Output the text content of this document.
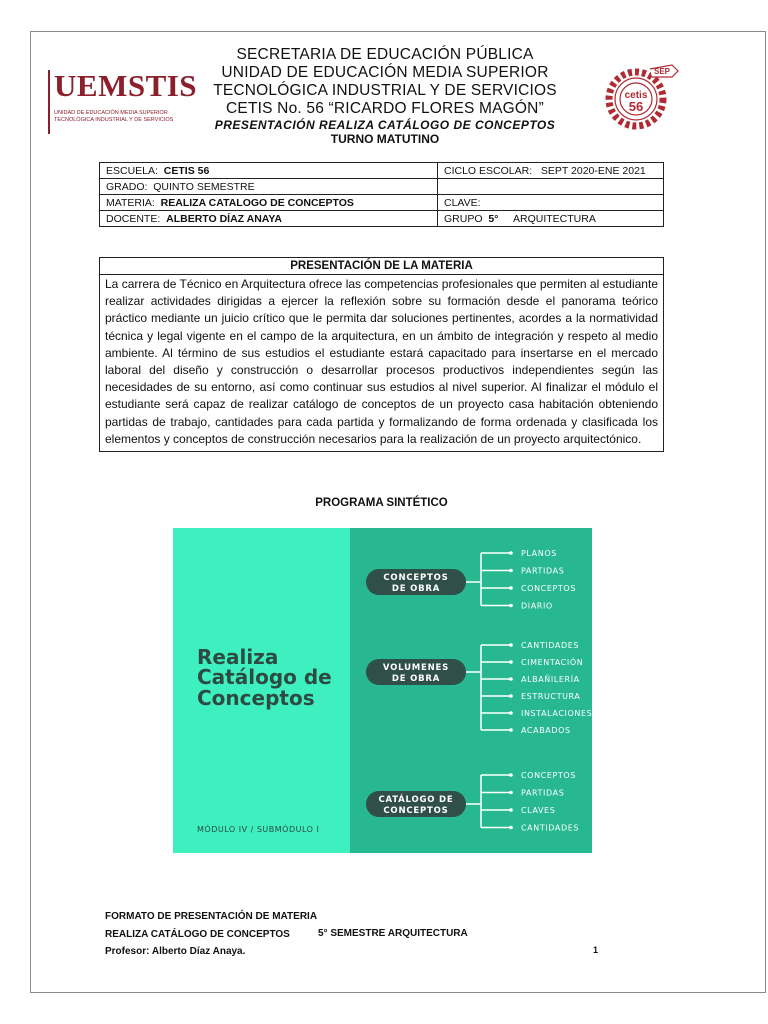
UEMSTIS
UNIDAD DE EDUCACIÓN MEDIA SUPERIOR TECNOLÓGICA INDUSTRIAL Y DE SERVICIOS
SEP
cetis
56
SECRETARIA DE EDUCACIÓN PÚBLICA
UNIDAD DE EDUCACIÓN MEDIA SUPERIOR
TECNOLÓGICA INDUSTRIAL Y DE SERVICIOS
CETIS No. 56 “RICARDO FLORES MAGÓN”
PRESENTACIÓN REALIZA CATÁLOGO DE CONCEPTOS
TURNO MATUTINO
ESCUELA: CETIS 56	CICLO ESCOLAR: SEPT 2020-ENE 2021
GRADO: QUINTO SEMESTRE	
MATERIA: REALIZA CATALOGO DE CONCEPTOS	CLAVE:
DOCENTE: ALBERTO DÍAZ ANAYA	GRUPO 5° ARQUITECTURA
PRESENTACIÓN DE LA MATERIA
La carrera de Técnico en Arquitectura ofrece las competencias profesionales que permiten al estudiante realizar actividades dirigidas a ejercer la reflexión sobre su formación desde el panorama teórico práctico mediante un juicio crítico que le permita dar soluciones pertinentes, acordes a la normatividad técnica y legal vigente en el campo de la arquitectura, en un ámbito de integración y respeto al medio ambiente. Al término de sus estudios el estudiante estará capacitado para insertarse en el mercado laboral del diseño y construcción o desarrollar procesos productivos independientes según las necesidades de su entorno, así como continuar sus estudios al nivel superior. Al finalizar el módulo el estudiante será capaz de realizar catálogo de conceptos de un proyecto casa habitación obteniendo partidas de trabajo, cantidades para cada partida y formalizando de forma ordenada y clasificada los elementos y conceptos de construcción necesarios para la realización de un proyecto arquitectónico.
PROGRAMA SINTÉTICO
Realiza
Catálogo de
Conceptos
MÓDULO IV / SUBMÓDULO I
CONCEPTOS
DE OBRA
PLANOS
PARTIDAS
CONCEPTOS
DIARIO
VOLUMENES
DE OBRA
CANTIDADES
CIMENTACIÓN
ALBAÑILERÍA
ESTRUCTURA
INSTALACIONES
ACABADOS
CATÁLOGO DE
CONCEPTOS
CONCEPTOS
PARTIDAS
CLAVES
CANTIDADES
FORMATO DE PRESENTACIÓN DE MATERIA
REALIZA CATÁLOGO DE CONCEPTOS
Profesor: Alberto Díaz Anaya.
5° SEMESTRE ARQUITECTURA
1
